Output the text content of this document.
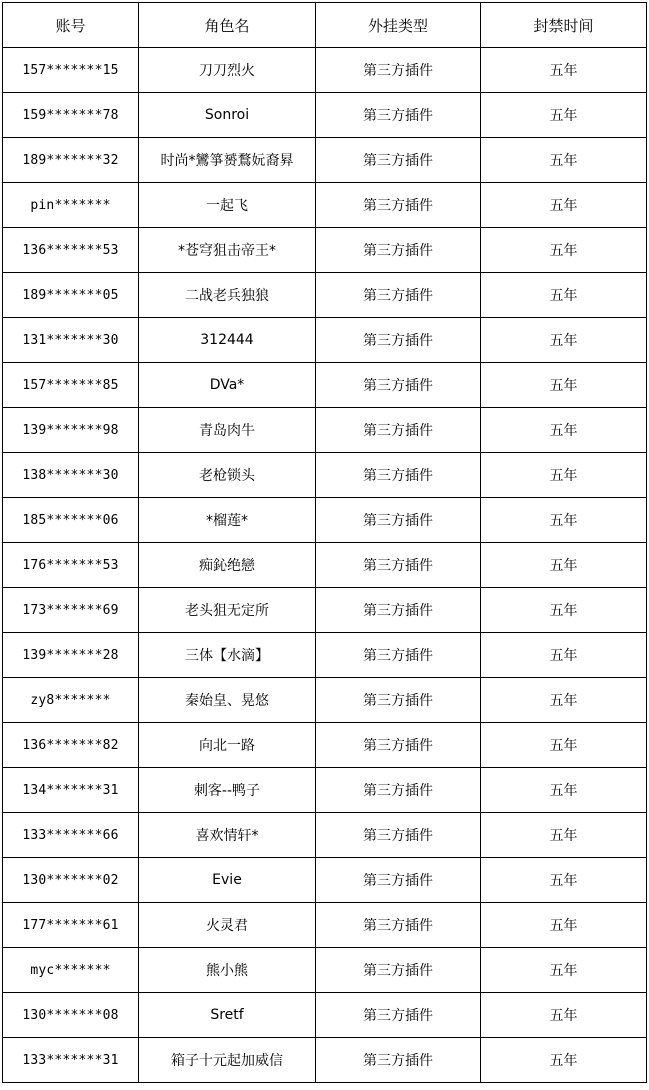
账号	角色名	外挂类型	封禁时间
157*******15	刀刀烈火	第三方插件	五年
159*******78	Sonroi	第三方插件	五年
189*******32	时尚*鸞箏赟鶩妧裔昪	第三方插件	五年
pin*******	一起飞	第三方插件	五年
136*******53	*苍穹狙击帝王*	第三方插件	五年
189*******05	二战老兵独狼	第三方插件	五年
131*******30	312444	第三方插件	五年
157*******85	DVa*	第三方插件	五年
139*******98	青岛肉牛	第三方插件	五年
138*******30	老枪锁头	第三方插件	五年
185*******06	*榴莲*	第三方插件	五年
176*******53	痴鈊绝戀	第三方插件	五年
173*******69	老头狙无定所	第三方插件	五年
139*******28	三体【水滴】	第三方插件	五年
zy8*******	秦始皇、晃悠	第三方插件	五年
136*******82	向北一路	第三方插件	五年
134*******31	刺客--鸭子	第三方插件	五年
133*******66	喜欢情轩*	第三方插件	五年
130*******02	Evie	第三方插件	五年
177*******61	火灵君	第三方插件	五年
myc*******	熊小熊	第三方插件	五年
130*******08	Sretf	第三方插件	五年
133*******31	箱子十元起加威信	第三方插件	五年
